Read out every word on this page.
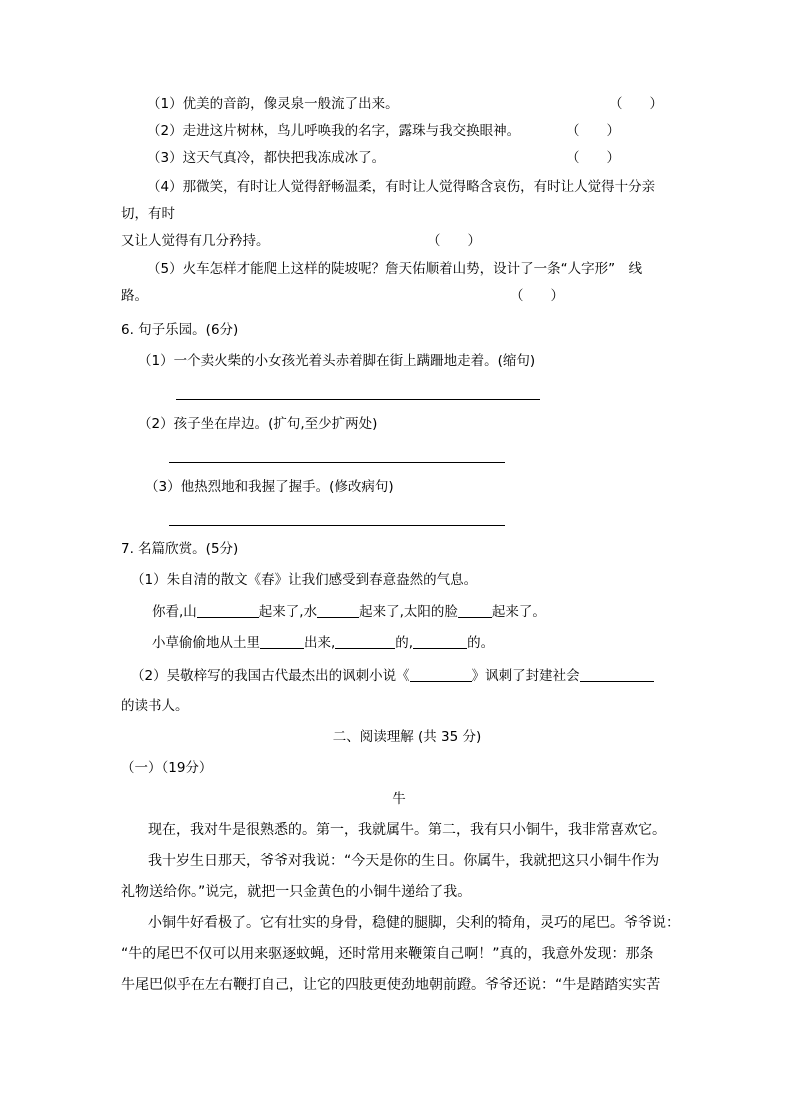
（1）优美的音韵，像灵泉一般流了出来。	（　　）
（2）走进这片树林，鸟儿呼唤我的名字，露珠与我交换眼神。	（　　）
（3）这天气真冷，都快把我冻成冰了。	（　　）
（4）那微笑，有时让人觉得舒畅温柔，有时让人觉得略含哀伤，有时让人觉得十分亲
切，有时
又让人觉得有几分矜持。	（　　）
（5）火车怎样才能爬上这样的陡坡呢？詹天佑顺着山势，设计了一条“人字形”　线
路。	（　　）
6. 句子乐园。(6分)
（1）一个卖火柴的小女孩光着头赤着脚在街上蹒跚地走着。(缩句)
（2）孩子坐在岸边。(扩句,至少扩两处)
（3）他热烈地和我握了握手。(修改病句)
7. 名篇欣赏。(5分)
（1）朱自清的散文《春》让我们感受到春意盎然的气息。
你看,山	起来了,水	起来了,太阳的脸	起来了。
小草偷偷地从土里	出来,	的,	的。
（2）吴敬梓写的我国古代最杰出的讽刺小说《	》讽刺了封建社会
的读书人。
二、阅读理解 (共 35 分)
（一）（19分）
牛
现在，我对牛是很熟悉的。第一，我就属牛。第二，我有只小铜牛，我非常喜欢它。
我十岁生日那天，爷爷对我说：“今天是你的生日。你属牛，我就把这只小铜牛作为
礼物送给你。”说完，就把一只金黄色的小铜牛递给了我。
小铜牛好看极了。它有壮实的身骨，稳健的腿脚，尖利的犄角，灵巧的尾巴。爷爷说：
“牛的尾巴不仅可以用来驱逐蚊蝇，还时常用来鞭策自己啊！”真的，我意外发现：那条
牛尾巴似乎在左右鞭打自己，让它的四肢更使劲地朝前蹬。爷爷还说：“牛是踏踏实实苦
